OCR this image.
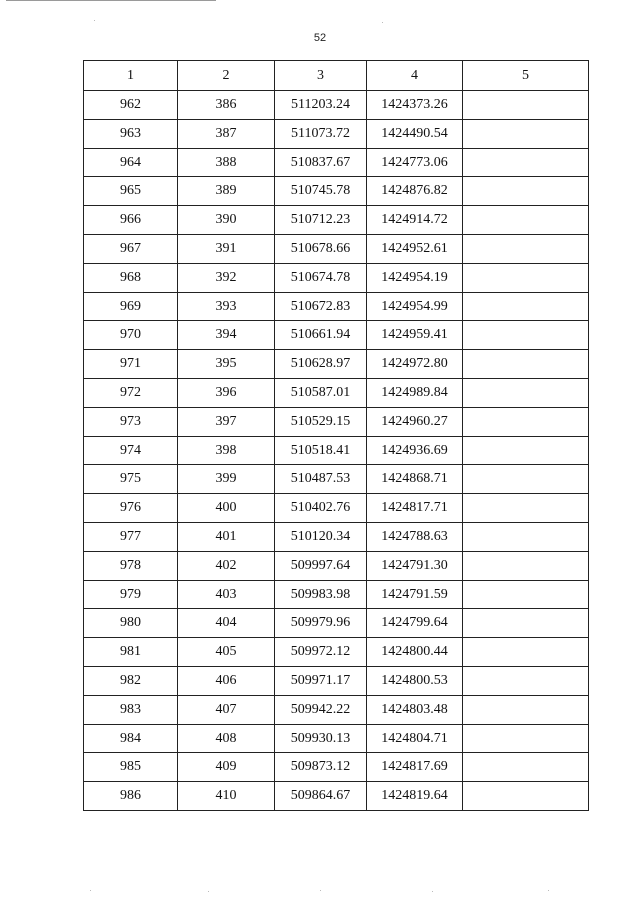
52
1	2	3	4	5
962	386	511203.24	1424373.26	
963	387	511073.72	1424490.54	
964	388	510837.67	1424773.06	
965	389	510745.78	1424876.82	
966	390	510712.23	1424914.72	
967	391	510678.66	1424952.61	
968	392	510674.78	1424954.19	
969	393	510672.83	1424954.99	
970	394	510661.94	1424959.41	
971	395	510628.97	1424972.80	
972	396	510587.01	1424989.84	
973	397	510529.15	1424960.27	
974	398	510518.41	1424936.69	
975	399	510487.53	1424868.71	
976	400	510402.76	1424817.71	
977	401	510120.34	1424788.63	
978	402	509997.64	1424791.30	
979	403	509983.98	1424791.59	
980	404	509979.96	1424799.64	
981	405	509972.12	1424800.44	
982	406	509971.17	1424800.53	
983	407	509942.22	1424803.48	
984	408	509930.13	1424804.71	
985	409	509873.12	1424817.69	
986	410	509864.67	1424819.64	
